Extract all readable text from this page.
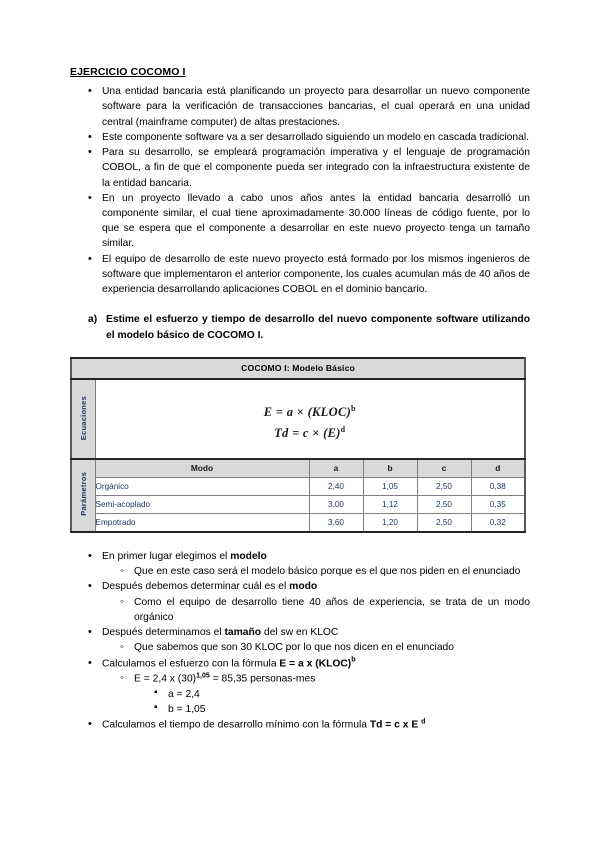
EJERCICIO COCOMO I
• Una entidad bancaria está planificando un proyecto para desarrollar un nuevo componente software para la verificación de transacciones bancarias, el cual operará en una unidad central (mainframe computer) de altas prestaciones.
• Este componente software va a ser desarrollado siguiendo un modelo en cascada tradicional.
• Para su desarrollo, se empleará programación imperativa y el lenguaje de programación COBOL, a fin de que el componente pueda ser integrado con la infraestructura existente de la entidad bancaria.
• En un proyecto llevado a cabo unos años antes la entidad bancaria desarrolló un componente similar, el cual tiene aproximadamente 30.000 líneas de código fuente, por lo que se espera que el componente a desarrollar en este nuevo proyecto tenga un tamaño similar.
• El equipo de desarrollo de este nuevo proyecto está formado por los mismos ingenieros de software que implementaron el anterior componente, los cuales acumulan más de 40 años de experiencia desarrollando aplicaciones COBOL en el dominio bancario.
a) Estime el esfuerzo y tiempo de desarrollo del nuevo componente software utilizando el modelo básico de COCOMO I.
COCOMO I: Modelo Básico					
Ecuaciones	E = a × (KLOC)$^b$
$Td = c \times (E)^d$

Parámetros	Modo	a	b	c	d
	Orgánico	2,40	1,05	2,50	0,38
	Semi-acoplado	3,00	1,12	2,50	0,35
	Empotrado	3,60	1,20	2,50	0,32
• En primer lugar elegimos el modelo
◦ Que en este caso será el modelo básico porque es el que nos piden en el enunciado
• Después debemos determinar cuál es el modo
◦ Como el equipo de desarrollo tiene 40 años de experiencia, se trata de un modo orgánico
• Después determinamos el tamaño del sw en KLOC
◦ Que sabemos que son 30 KLOC por lo que nos dicen en el enunciado
• Calculamos el esfuerzo con la fórmula E = a x (KLOC)$^b$
◦ E = 2,4 x $(30)^{1,05} = 85,35$ personas-mes
▪ a = 2,4
▪ b = 1,05
• Calculamos el tiempo de desarrollo mínimo con la fórmula Td = c x E $^d$
